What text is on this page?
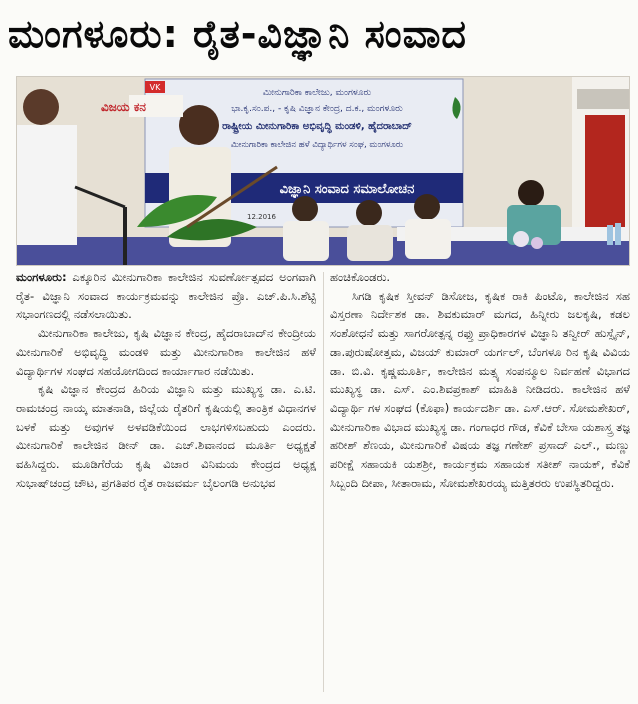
ಮಂಗಳೂರು: ರೈತ-ವಿಜ್ಞಾನಿ ಸಂವಾದ
VK
ವಿಜಯ ಕನ
ಮೀನುಗಾರಿಕಾ ಕಾಲೇಜು, ಮಂಗಳೂರು
ಭಾ.ಕೃ.ಸಂ.ಪ., - ಕೃಷಿ ವಿಜ್ಞಾನ ಕೇಂದ್ರ, ದ.ಕ., ಮಂಗಳೂರು
ರಾಷ್ಟ್ರೀಯ ಮೀನುಗಾರಿಕಾ ಅಭಿವೃದ್ಧಿ ಮಂಡಳಿ, ಹೈದರಾಬಾದ್
ಮೀನುಗಾರಿಕಾ ಕಾಲೇಜಿನ ಹಳೆ ವಿದ್ಯಾರ್ಥಿಗಳ ಸಂಘ, ಮಂಗಳೂರು
ವಿಜ್ಞಾನಿ ಸಂವಾದ ಸಮಾಲೋಚನ
12.2016

ಮಂಗಳೂರು: ಎಕ್ಕೂರಿನ ಮೀನುಗಾರಿಕಾ ಕಾಲೇಜಿನ ಸುವರ್ಣೋತ್ಸವದ ಅಂಗವಾಗಿ ರೈತ- ವಿಜ್ಞಾನಿ ಸಂವಾದ ಕಾರ್ಯಕ್ರಮವನ್ನು ಕಾಲೇಜಿನ ಪ್ರೊ. ಎಚ್.ಪಿ.ಸಿ.ಶೆಟ್ಟಿ ಸಭಾಂಗಣದಲ್ಲಿ ನಡೆಸಲಾಯಿತು.

ಮೀನುಗಾರಿಕಾ ಕಾಲೇಜು, ಕೃಷಿ ವಿಜ್ಞಾನ ಕೇಂದ್ರ, ಹೈದರಾಬಾದ್‌ನ ಕೇಂದ್ರೀಯ ಮೀನುಗಾರಿಕೆ ಅಭಿವೃದ್ಧಿ ಮಂಡಳಿ ಮತ್ತು ಮೀನುಗಾರಿಕಾ ಕಾಲೇಜಿನ ಹಳೆ ವಿದ್ಯಾರ್ಥಿಗಳ ಸಂಘದ ಸಹಯೋಗದಿಂದ ಕಾರ್ಯಾಗಾರ ನಡೆಯಿತು.

ಕೃಷಿ ವಿಜ್ಞಾನ ಕೇಂದ್ರದ ಹಿರಿಯ ವಿಜ್ಞಾನಿ ಮತ್ತು ಮುಖ್ಯಸ್ಥ ಡಾ. ಎ.ಟಿ. ರಾಮಚಂದ್ರ ನಾಯ್ಕ ಮಾತನಾಡಿ, ಜಿಲ್ಲೆಯ ರೈತರಿಗೆ ಕೃಷಿಯಲ್ಲಿ ತಾಂತ್ರಿಕ ವಿಧಾನಗಳ ಬಳಕೆ ಮತ್ತು ಅವುಗಳ ಅಳವಡಿಕೆಯಿಂದ ಲಾಭಗಳಿಸಬಹುದು ಎಂದರು. ಮೀನುಗಾರಿಕೆ ಕಾಲೇಜಿನ ಡೀನ್ ಡಾ. ಎಚ್.ಶಿವಾನಂದ ಮೂರ್ತಿ ಅಧ್ಯಕ್ಷತೆ ವಹಿಸಿದ್ದರು. ಮೂಡಿಗೆರೆಯ ಕೃಷಿ ವಿಚಾರ ವಿನಿಮಯ ಕೇಂದ್ರದ ಅಧ್ಯಕ್ಷ ಸುಭಾಷ್‌ಚಂದ್ರ ಚೌಟ, ಪ್ರಗತಿಪರ ರೈತ ರಾಜವರ್ಮ ಬೈಲಂಗಡಿ ಅನುಭವ

ಹಂಚಿಕೊಂಡರು.

ಸಿಗಡಿ ಕೃಷಿಕ ಸ್ತೀವನ್ ಡಿಸೋಜ, ಕೃಷಿಕ ರಾಕಿ ಪಿಂಟೊ, ಕಾಲೇಜಿನ ಸಹ ವಿಸ್ತರಣಾ ನಿರ್ದೇಶಕ ಡಾ. ಶಿವಕುಮಾರ್ ಮಗದ, ಹಿನ್ನೀರು ಜಲಕೃಷಿ, ಕಡಲ ಸಂಶೋಧನೆ ಮತ್ತು ಸಾಗರೋತ್ಪನ್ನ ರಫ್ತು ಪ್ರಾಧಿಕಾರಗಳ ವಿಜ್ಞಾನಿ ತನ್ವೀರ್ ಹುಸ್ಸೈನ್, ಡಾ.ಪುರುಷೋತ್ತಮ, ವಿಜಯ್ ಕುಮಾರ್ ಯರ್ಗಲ್, ಬೆಂಗಳೂ ರಿನ ಕೃಷಿ ವಿವಿಯ ಡಾ. ಬಿ.ವಿ. ಕೃಷ್ಣಮೂರ್ತಿ, ಕಾಲೇಜಿನ ಮತ್ಸ್ಯ ಸಂಪನ್ಮೂಲ ನಿರ್ವಹಣೆ ವಿಭಾಗದ ಮುಖ್ಯಸ್ಥ ಡಾ. ಎಸ್. ಎಂ.ಶಿವಪ್ರಕಾಶ್ ಮಾಹಿತಿ ನೀಡಿದರು. ಕಾಲೇಜಿನ ಹಳೆ ವಿದ್ಯಾರ್ಥಿ ಗಳ ಸಂಘದ (ಕೊಫಾ) ಕಾರ್ಯದರ್ಶಿ ಡಾ. ಎಸ್.ಆರ್. ಸೋಮಶೇಖರ್, ಮೀನುಗಾರಿಕಾ ವಿಭಾದ ಮುಖ್ಯಸ್ಥ ಡಾ. ಗಂಗಾಧರ ಗೌಡ, ಕೆವಿಕೆ ಬೇಸಾ ಯಶಾಸ್ತ್ರ ತಜ್ಞ ಹರೀಶ್ ಶೆಣಯ, ಮೀನುಗಾರಿಕೆ ವಿಷಯ ತಜ್ಞ ಗಣೇಶ್ ಪ್ರಸಾದ್ ಎಲ್., ಮಣ್ಣು ಪರೀಕ್ಷೆ ಸಹಾಯಕಿ ಯಶಶ್ರೀ, ಕಾರ್ಯಕ್ರಮ ಸಹಾಯಕ ಸತೀಶ್ ನಾಯಕ್, ಕೆವಿಕೆ ಸಿಬ್ಬಂದಿ ದೀಪಾ, ಸೀತಾರಾಮ, ಸೋಮಶೇಖರಯ್ಯ ಮತ್ತಿತರರು ಉಪಸ್ಥಿತರಿದ್ದರು.
